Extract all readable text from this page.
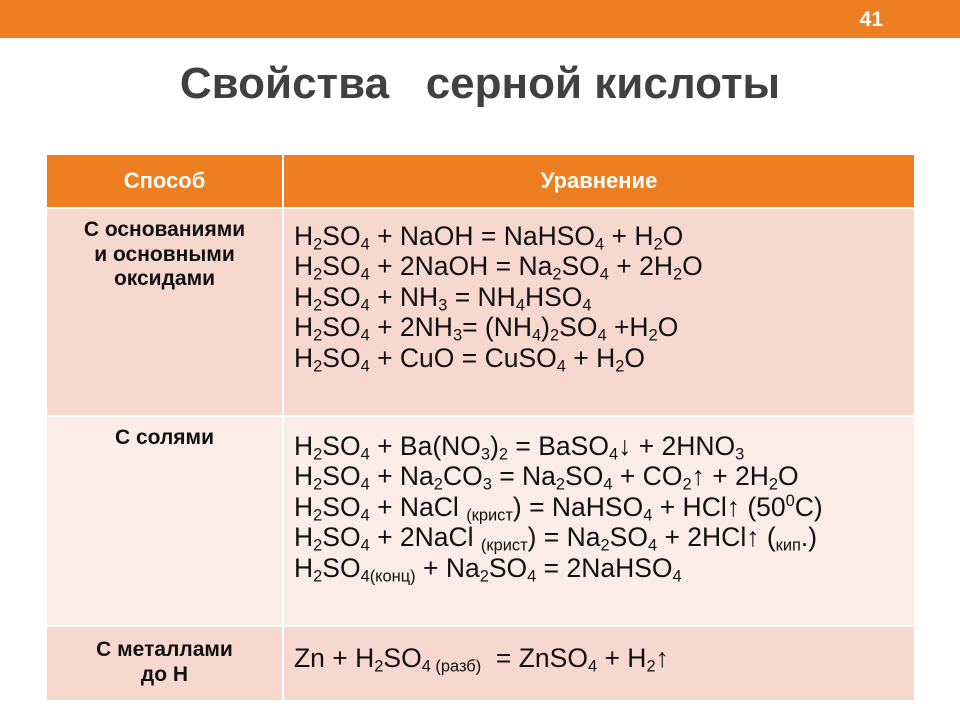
41
Свойства   серной кислоты
Способ	Уравнение
С основаниями
и основными
оксидами
$H_2SO_4$ + NaOH = NaHSO$_4$ + $H_2O$
$H_2SO_4$ + 2NaOH = $Na_2SO_4 + 2H_2O$
$H_2SO_4 + NH_3 = NH_4HSO_4$
$H_2SO_4 + 2NH_3= (NH_4)_2SO_4 +H_2O$
$H_2SO_4$ + CuO = CuSO$_4$ + $H_2O$
С солями	$H_2SO_4 + Ba(NO_3)_2$ = BaSO$_4$↓ + $2HNO_3$
$H_2SO_4 + Na_2CO_3 = Na_2SO_4$ + $CO_2↑ + 2H_2O$
$H_2SO_4$ + NaCl $_{(крист}$) = NaHSO$_4$ + HCl↑ $(50^0C)$
$H_2SO_4$ + 2NaCl $_{(крист}) = Na_2SO_4$ + 2HCl↑ $(_{кип}.)$
$H_2SO_{4(конц)} + Na_2SO_4$ = 2NaHSO$_4$
С металлами
до Н
$Zn + H_2SO_{4 (разб)}$  = ZnSO$_4$ + $H_2↑$
